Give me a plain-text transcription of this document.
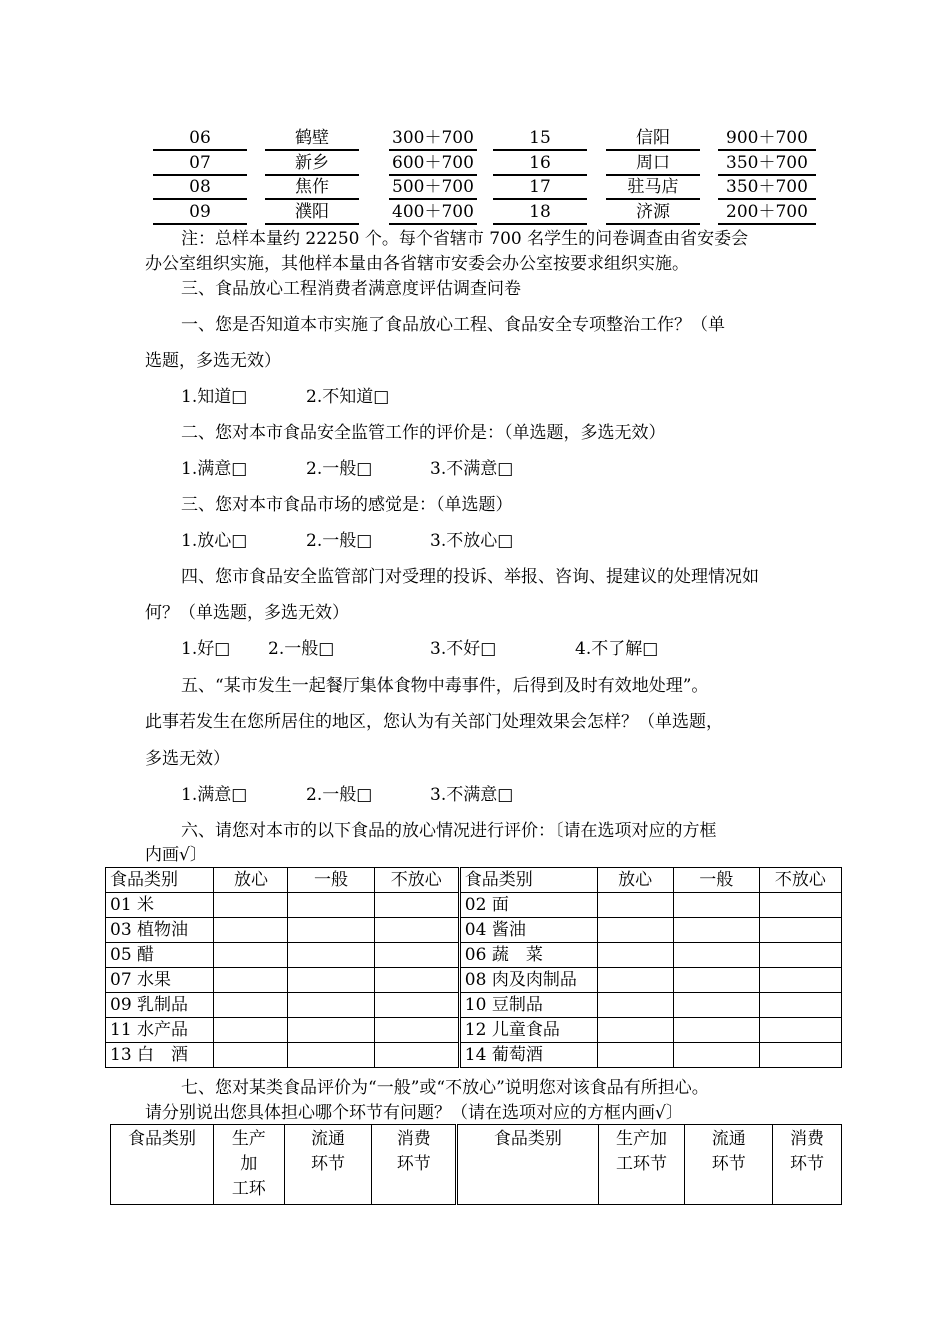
06	鹤壁	300＋700	15	信阳	900＋700
07	新乡	600＋700	16	周口	350＋700
08	焦作	500＋700	17	驻马店	350＋700
09	濮阳	400＋700	18	济源	200＋700
注：总样本量约 22250 个。每个省辖市 700 名学生的问卷调查由省安委会
办公室组织实施，其他样本量由各省辖市安委会办公室按要求组织实施。
三、食品放心工程消费者满意度评估调查问卷
一、您是否知道本市实施了食品放心工程、食品安全专项整治工作？（单
选题，多选无效）
1.知道□	2.不知道□
二、您对本市食品安全监管工作的评价是：（单选题，多选无效）
1.满意□	2.一般□	3.不满意□
三、您对本市食品市场的感觉是：（单选题）
1.放心□	2.一般□	3.不放心□
四、您市食品安全监管部门对受理的投诉、举报、咨询、提建议的处理情况如
何？（单选题，多选无效）
1.好□ 2.一般□	3.不好□	4.不了解□
五、“某市发生一起餐厅集体食物中毒事件，后得到及时有效地处理”。
此事若发生在您所居住的地区，您认为有关部门处理效果会怎样？（单选题，
多选无效）
1.满意□	2.一般□	3.不满意□
六、请您对本市的以下食品的放心情况进行评价：〔请在选项对应的方框
内画√〕
食品类别	放心	一般	不放心	食品类别	放心	一般	不放心
01 米				02 面			
03 植物油				04 酱油			
05 醋				06 蔬　菜			
07 水果				08 肉及肉制品			
09 乳制品				10 豆制品			
11 水产品				12 儿童食品			
13 白　酒				14 葡萄酒			
七、您对某类食品评价为“一般”或“不放心”说明您对该食品有所担心。
请分别说出您具体担心哪个环节有问题？（请在选项对应的方框内画√〕
食品类别	生产
加
工环	流通
环节	消费
环节	食品类别	生产加
工环节	流通
环节	消费
环节
